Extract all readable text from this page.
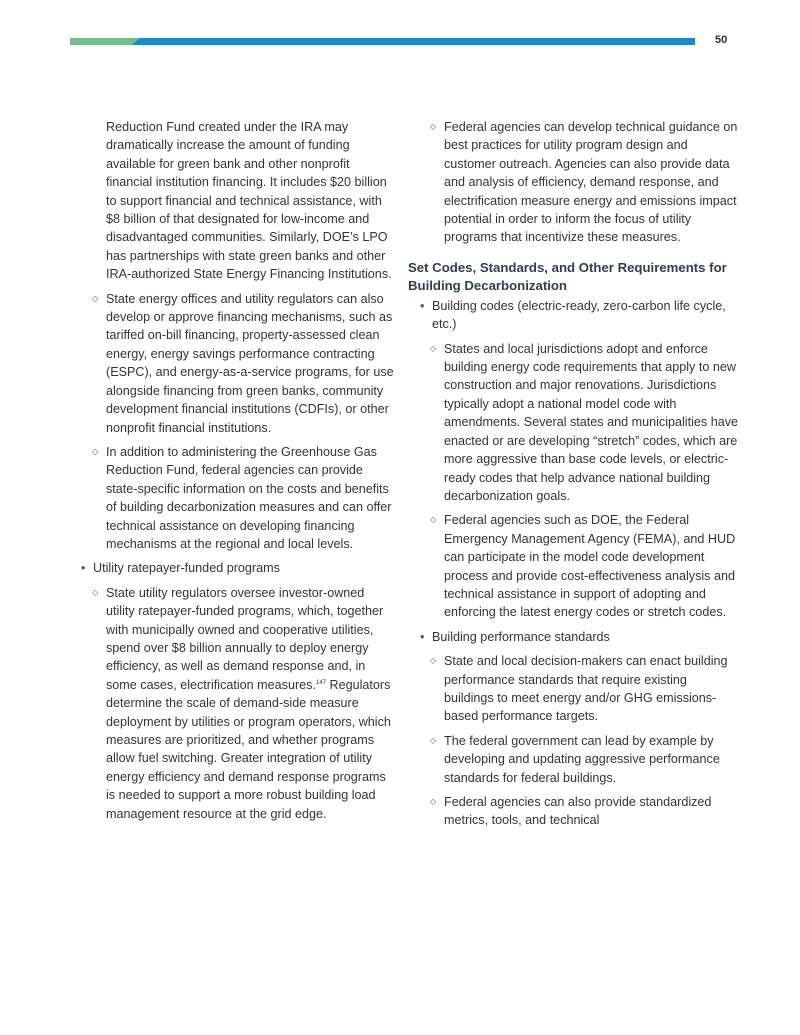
50
Reduction Fund created under the IRA may dramatically increase the amount of funding available for green bank and other nonprofit financial institution financing. It includes $20 billion to support financial and technical assistance, with $8 billion of that designated for low-income and disadvantaged communities. Similarly, DOE’s LPO has partnerships with state green banks and other IRA-authorized State Energy Financing Institutions.
◇ State energy offices and utility regulators can also develop or approve financing mechanisms, such as tariffed on-bill financing, property-assessed clean energy, energy savings performance contracting (ESPC), and energy-as-a-service programs, for use alongside financing from green banks, community development financial institutions (CDFIs), or other nonprofit financial institutions.
◇ In addition to administering the Greenhouse Gas Reduction Fund, federal agencies can provide state-specific information on the costs and benefits of building decarbonization measures and can offer technical assistance on developing financing mechanisms at the regional and local levels.
• Utility ratepayer-funded programs
◇ State utility regulators oversee investor-owned utility ratepayer-funded programs, which, together with municipally owned and cooperative utilities, spend over $8 billion annually to deploy energy efficiency, as well as demand response and, in some cases, electrification measures.$^{147}$ Regulators determine the scale of demand-side measure deployment by utilities or program operators, which measures are prioritized, and whether programs allow fuel switching. Greater integration of utility energy efficiency and demand response programs is needed to support a more robust building load management resource at the grid edge.
◇ Federal agencies can develop technical guidance on best practices for utility program design and customer outreach. Agencies can also provide data and analysis of efficiency, demand response, and electrification measure energy and emissions impact potential in order to inform the focus of utility programs that incentivize these measures.
Set Codes, Standards, and Other Requirements for Building Decarbonization
• Building codes (electric-ready, zero-carbon life cycle, etc.)
◇ States and local jurisdictions adopt and enforce building energy code requirements that apply to new construction and major renovations. Jurisdictions typically adopt a national model code with amendments. Several states and municipalities have enacted or are developing “stretch” codes, which are more aggressive than base code levels, or electric-ready codes that help advance national building decarbonization goals.
◇ Federal agencies such as DOE, the Federal Emergency Management Agency (FEMA), and HUD can participate in the model code development process and provide cost-effectiveness analysis and technical assistance in support of adopting and enforcing the latest energy codes or stretch codes.
• Building performance standards
◇ State and local decision-makers can enact building performance standards that require existing buildings to meet energy and/or GHG emissions-based performance targets.
◇ The federal government can lead by example by developing and updating aggressive performance standards for federal buildings.
◇ Federal agencies can also provide standardized metrics, tools, and technical
